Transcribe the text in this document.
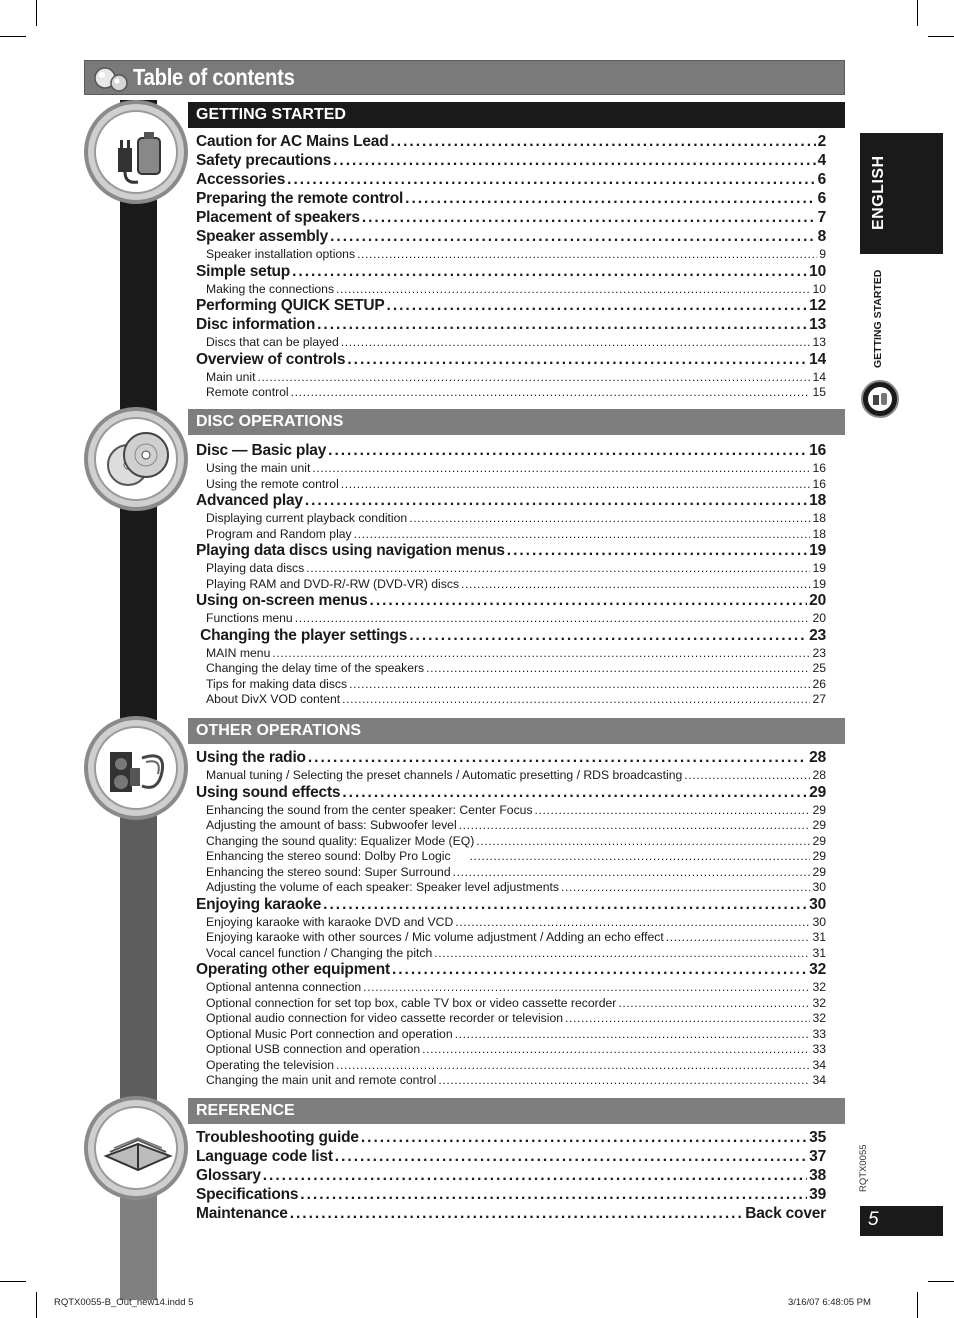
Table of contents
GETTING STARTED
Caution for AC Mains Lead .....	2
Safety precautions .....	4
Accessories .....	6
Preparing the remote control .....	6
Placement of speakers .....	7
Speaker assembly .....	8
Speaker installation options .....	9
Simple setup .....	10
Making the connections .....	10
Performing QUICK SETUP .....	12
Disc information .....	13
Discs that can be played .....	13
Overview of controls .....	14
Main unit .....	14
Remote control .....	15
DISC OPERATIONS
Disc — Basic play .....	16
Using the main unit .....	16
Using the remote control .....	16
Advanced play .....	18
Displaying current playback condition .....	18
Program and Random play .....	18
Playing data discs using navigation menus .....	19
Playing data discs .....	19
Playing RAM and DVD-R/-RW (DVD-VR) discs .....	19
Using on-screen menus .....	20
Functions menu .....	20
Changing the player settings .....	23
MAIN menu .....	23
Changing the delay time of the speakers .....	25
Tips for making data discs .....	26
About DivX VOD content .....	27
OTHER OPERATIONS
Using the radio .....	28
Manual tuning / Selecting the preset channels / Automatic presetting / RDS broadcasting .....	28
Using sound effects .....	29
Enhancing the sound from the center speaker: Center Focus .....	29
Adjusting the amount of bass: Subwoofer level .....	29
Changing the sound quality: Equalizer Mode (EQ) .....	29
Enhancing the stereo sound: Dolby Pro Logic .....	29
Enhancing the stereo sound: Super Surround .....	29
Adjusting the volume of each speaker: Speaker level adjustments .....	30
Enjoying karaoke .....	30
Enjoying karaoke with karaoke DVD and VCD .....	30
Enjoying karaoke with other sources / Mic volume adjustment / Adding an echo effect .....	31
Vocal cancel function / Changing the pitch .....	31
Operating other equipment .....	32
Optional antenna connection .....	32
Optional connection for set top box, cable TV box or video cassette recorder .....	32
Optional audio connection for video cassette recorder or television .....	32
Optional Music Port connection and operation .....	33
Optional USB connection and operation .....	33
Operating the television .....	34
Changing the main unit and remote control .....	34
REFERENCE
Troubleshooting guide .....	35
Language code list .....	37
Glossary .....	38
Specifications .....	39
Maintenance .....	Back cover
ENGLISH
GETTING STARTED
RQTX0055
5
RQTX0055-B_Out_new14.indd 5	3/16/07 6:48:05 PM
